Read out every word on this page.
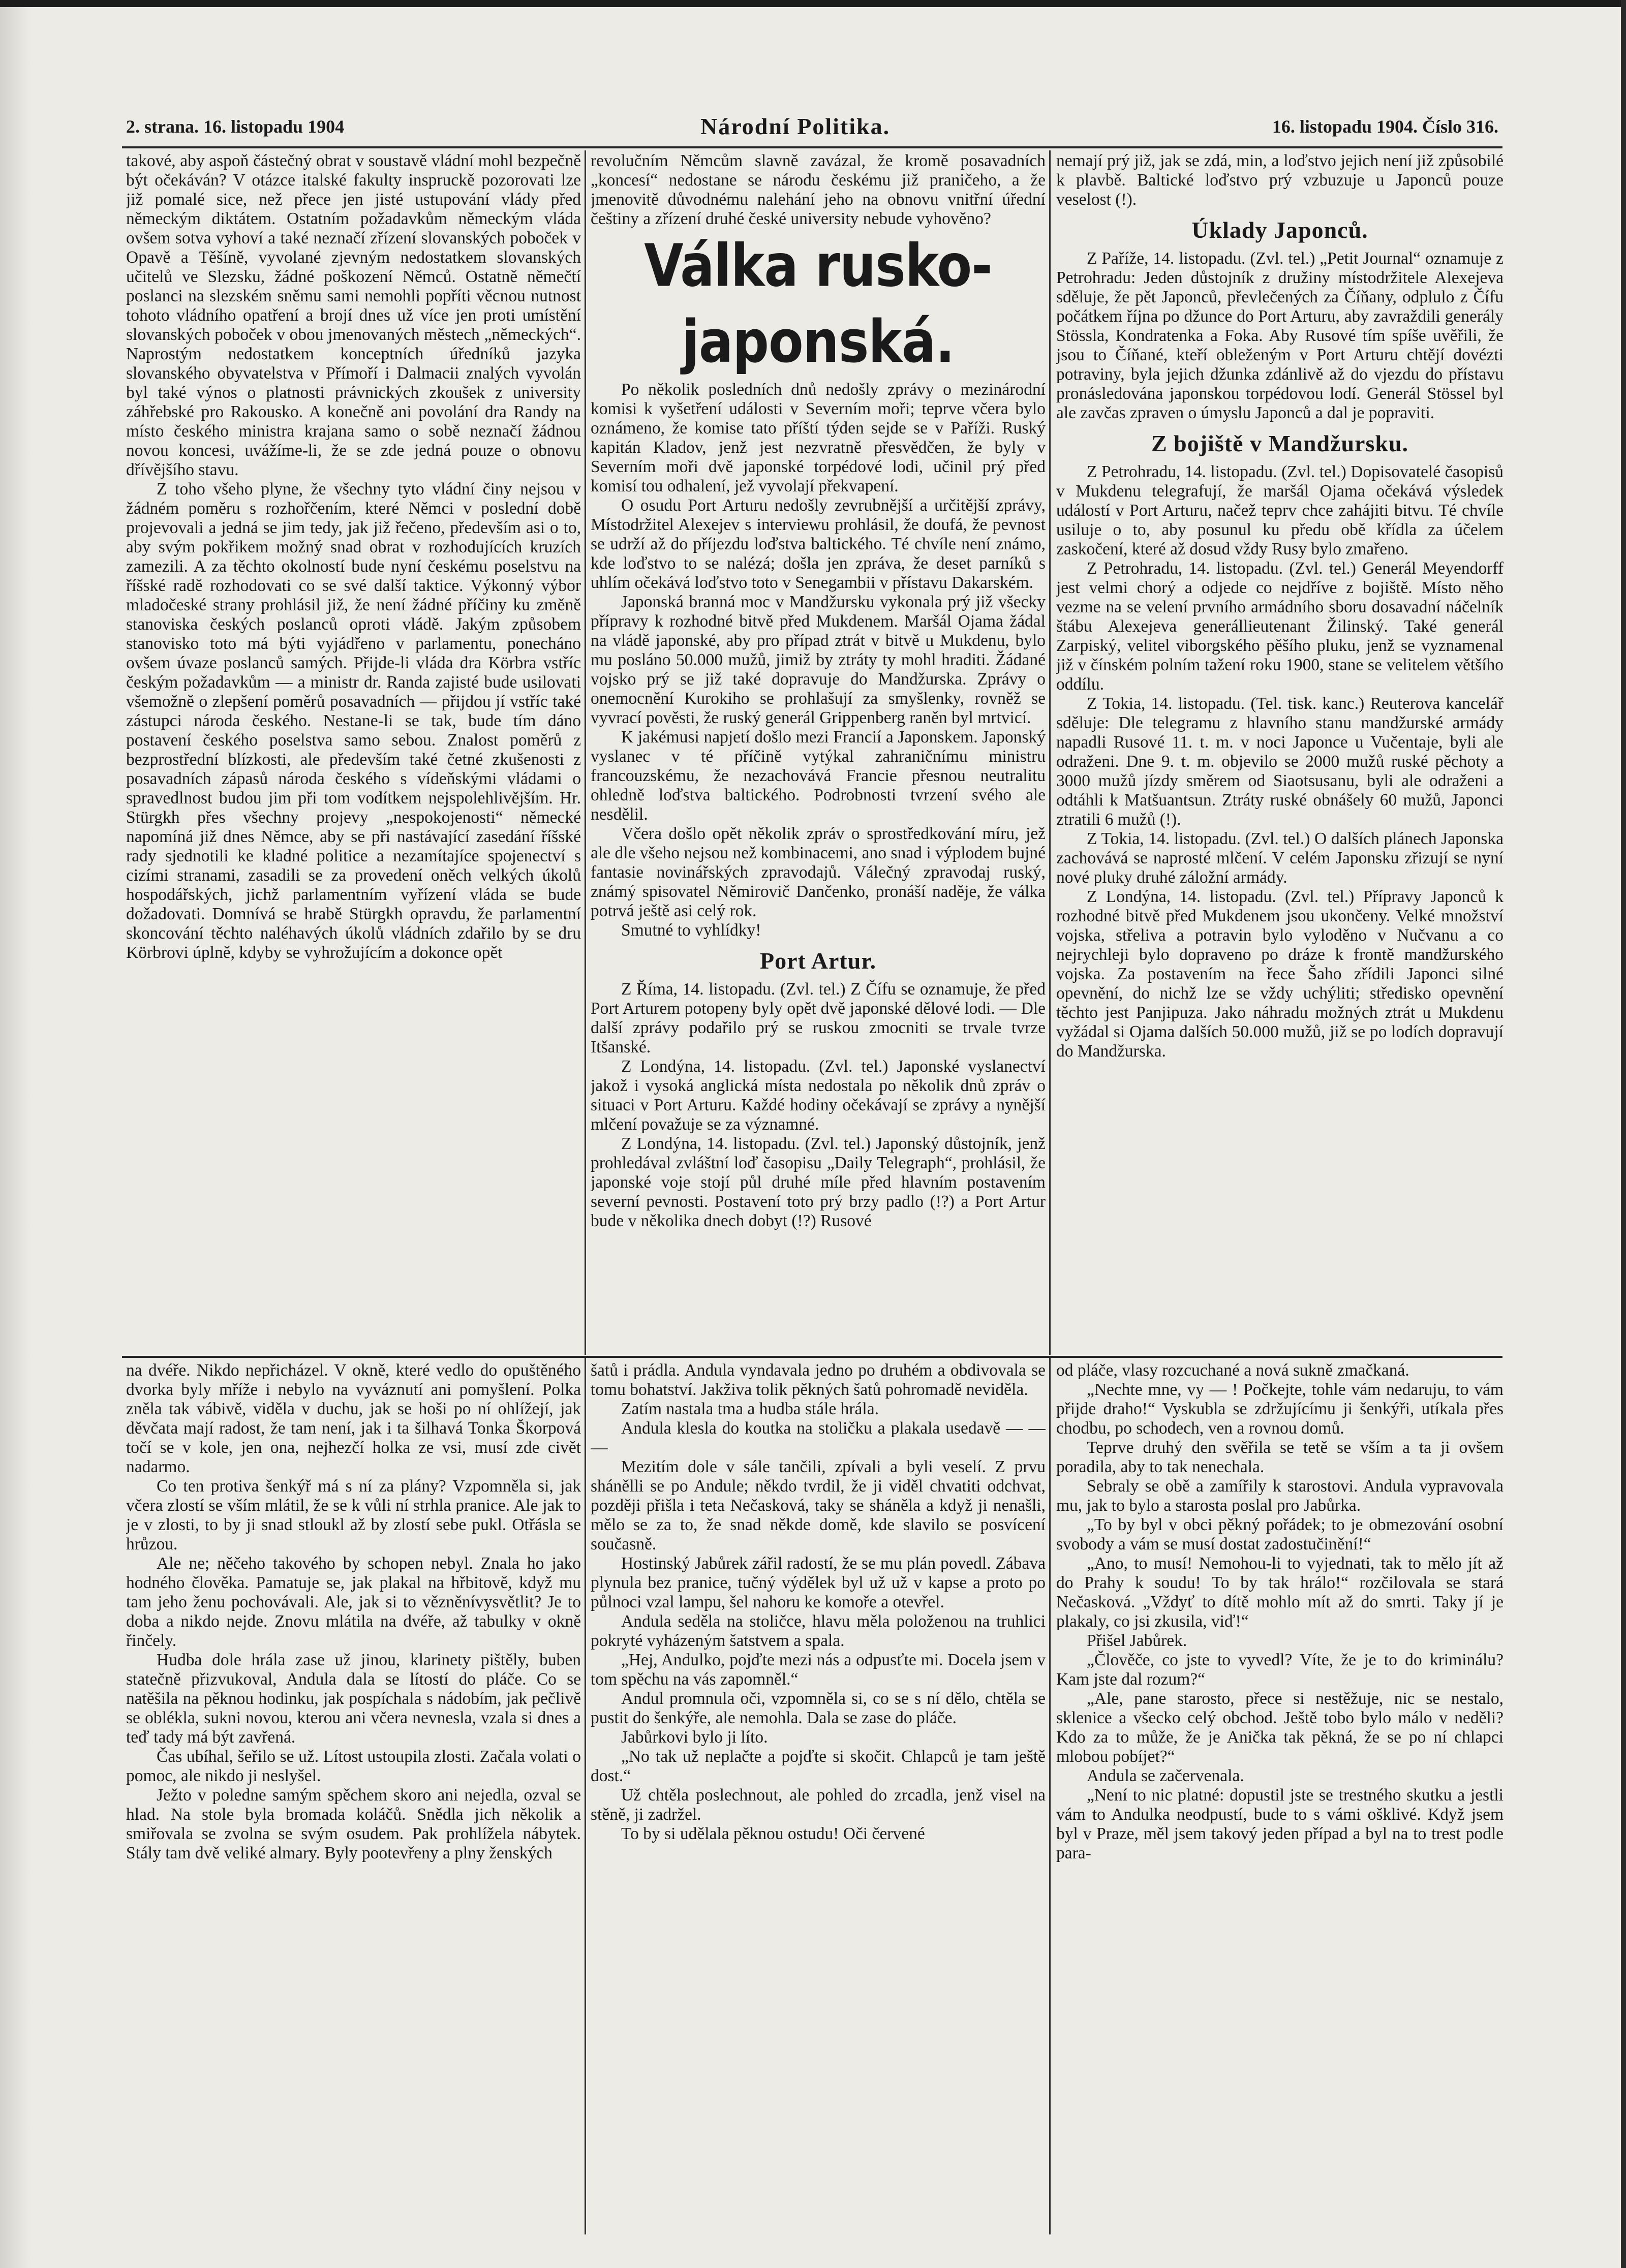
2. strana. 16. listopadu 1904	Národní Politika.	16. listopadu 1904. Číslo 316.

takové, aby aspoň částečný obrat v soustavě vládní mohl bezpečně být očekáván? V otázce italské fakulty inspruckě pozorovati lze již pomalé sice, než přece jen jisté ustupování vlády před německým diktátem. Ostatním požadavkům německým vláda ovšem sotva vyhoví a také neznačí zřízení slovanských poboček v Opavě a Těšíně, vyvolané zjevným nedostatkem slovanských učitelů ve Slezsku, žádné poškození Němců. Ostatně němečtí poslanci na slezském sněmu sami nemohli popříti věcnou nutnost tohoto vládního opatření a brojí dnes už více jen proti umístění slovanských poboček v obou jmenovaných městech „německých“. Naprostým nedostatkem konceptních úředníků jazyka slovanského obyvatelstva v Přímoří i Dalmacii znalých vyvolán byl také výnos o platnosti právnických zkoušek z university záhřebské pro Rakousko. A konečně ani povolání dra Randy na místo českého ministra krajana samo o sobě neznačí žádnou novou koncesi, uvážíme-li, že se zde jedná pouze o obnovu dřívějšího stavu.

Z toho všeho plyne, že všechny tyto vládní činy nejsou v žádném poměru s rozhořčením, které Němci v poslední době projevovali a jedná se jim tedy, jak již řečeno, především asi o to, aby svým pokřikem možný snad obrat v rozhodujících kruzích zamezili. A za těchto okolností bude nyní českému poselstvu na říšské radě rozhodovati co se své další taktice. Výkonný výbor mladočeské strany prohlásil již, že není žádné příčiny ku změně stanoviska českých poslanců oproti vládě. Jakým způsobem stanovisko toto má býti vyjádřeno v parlamentu, ponecháno ovšem úvaze poslanců samých. Přijde-li vláda dra Körbra vstříc českým požadavkům — a ministr dr. Randa zajisté bude usilovati všemožně o zlepšení poměrů posavadních — přijdou jí vstříc také zástupci národa českého. Nestane-li se tak, bude tím dáno postavení českého poselstva samo sebou. Znalost poměrů z bezprostřední blízkosti, ale především také četné zkušenosti z posavadních zápasů národa českého s vídeňskými vládami o spravedlnost budou jim při tom vodítkem nejspolehlivějším. Hr. Stürgkh přes všechny projevy „nespokojenosti“ německé napomíná již dnes Němce, aby se při nastávající zasedání říšské rady sjednotili ke kladné politice a nezamítajíce spojenectví s cizími stranami, zasadili se za provedení oněch velkých úkolů hospodářských, jichž parlamentním vyřízení vláda se bude dožadovati. Domnívá se hrabě Stürgkh opravdu, že parlamentní skoncování těchto naléhavých úkolů vládních zdařilo by se dru Körbrovi úplně, kdyby se vyhrožujícím a dokonce opět

revolučním Němcům slavně zavázal, že kromě posavadních „koncesí“ nedostane se národu českému již praničeho, a že jmenovitě důvodnému nalehání jeho na obnovu vnitřní úřední češtiny a zřízení druhé české university nebude vyhověno?

Válka rusko-japonská.

Po několik posledních dnů nedošly zprávy o mezinárodní komisi k vyšetření události v Severním moři; teprve včera bylo oznámeno, že komise tato příští týden sejde se v Paříži. Ruský kapitán Kladov, jenž jest nezvratně přesvědčen, že byly v Severním moři dvě japonské torpédové lodi, učinil prý před komisí tou odhalení, jež vyvolají překvapení.

O osudu Port Arturu nedošly zevrubnější a určitější zprávy, Místodržitel Alexejev s interviewu prohlásil, že doufá, že pevnost se udrží až do příjezdu loďstva baltického. Té chvíle není známo, kde loďstvo to se nalézá; došla jen zpráva, že deset parníků s uhlím očekává loďstvo toto v Senegambii v přístavu Dakarském.

Japonská branná moc v Mandžursku vykonala prý již všecky přípravy k rozhodné bitvě před Mukdenem. Maršál Ojama žádal na vládě japonské, aby pro případ ztrát v bitvě u Mukdenu, bylo mu posláno 50.000 mužů, jimiž by ztráty ty mohl hraditi. Žádané vojsko prý se již také dopravuje do Mandžurska. Zprávy o onemocnění Kurokiho se prohlašují za smyšlenky, rovněž se vyvrací pověsti, že ruský generál Grippenberg raněn byl mrtvicí.

K jakémusi napjetí došlo mezi Francií a Japonskem. Japonský vyslanec v té příčině vytýkal zahraničnímu ministru francouzskému, že nezachovává Francie přesnou neutralitu ohledně loďstva baltického. Podrobnosti tvrzení svého ale nesdělil.

Včera došlo opět několik zpráv o sprostředkování míru, jež ale dle všeho nejsou než kombinacemi, ano snad i výplodem bujné fantasie novinářských zpravodajů. Válečný zpravodaj ruský, známý spisovatel Němirovič Dančenko, pronáší naděje, že válka potrvá ještě asi celý rok.

Smutné to vyhlídky!

Port Artur.

Z Říma, 14. listopadu. (Zvl. tel.) Z Čífu se oznamuje, že před Port Arturem potopeny byly opět dvě japonské dělové lodi. — Dle další zprávy podařilo prý se ruskou zmocniti se trvale tvrze Itšanské.

Z Londýna, 14. listopadu. (Zvl. tel.) Japonské vyslanectví jakož i vysoká anglická místa nedostala po několik dnů zpráv o situaci v Port Arturu. Každé hodiny očekávají se zprávy a nynější mlčení považuje se za významné.

Z Londýna, 14. listopadu. (Zvl. tel.) Japonský důstojník, jenž prohledával zvláštní loď časopisu „Daily Telegraph“, prohlásil, že japonské voje stojí půl druhé míle před hlavním postavením severní pevnosti. Postavení toto prý brzy padlo (!?) a Port Artur bude v několika dnech dobyt (!?) Rusové

nemají prý již, jak se zdá, min, a loďstvo jejich není již způsobilé k plavbě. Baltické loďstvo prý vzbuzuje u Japonců pouze veselost (!).

Úklady Japonců.

Z Paříže, 14. listopadu. (Zvl. tel.) „Petit Journal“ oznamuje z Petrohradu: Jeden důstojník z družiny místodržitele Alexejeva sděluje, že pět Japonců, převlečených za Číňany, odplulo z Čífu počátkem října po džunce do Port Arturu, aby zavraždili generály Stössla, Kondratenka a Foka. Aby Rusové tím spíše uvěřili, že jsou to Číňané, kteří obleženým v Port Arturu chtějí dovézti potraviny, byla jejich džunka zdánlivě až do vjezdu do přístavu pronásledována japonskou torpédovou lodí. Generál Stössel byl ale zavčas zpraven o úmyslu Japonců a dal je popraviti.

Z bojiště v Mandžursku.

Z Petrohradu, 14. listopadu. (Zvl. tel.) Dopisovatelé časopisů v Mukdenu telegrafují, že maršál Ojama očekává výsledek událostí v Port Arturu, načež teprv chce zahájiti bitvu. Té chvíle usiluje o to, aby posunul ku předu obě křídla za účelem zaskočení, které až dosud vždy Rusy bylo zmařeno.

Z Petrohradu, 14. listopadu. (Zvl. tel.) Generál Meyendorff jest velmi chorý a odjede co nejdříve z bojiště. Místo něho vezme na se velení prvního armádního sboru dosavadní náčelník štábu Alexejeva generállieutenant Žilinský. Také generál Zarpiský, velitel viborgského pěšího pluku, jenž se vyznamenal již v čínském polním tažení roku 1900, stane se velitelem většího oddílu.

Z Tokia, 14. listopadu. (Tel. tisk. kanc.) Reuterova kancelář sděluje: Dle telegramu z hlavního stanu mandžurské armády napadli Rusové 11. t. m. v noci Japonce u Vučentaje, byli ale odraženi. Dne 9. t. m. objevilo se 2000 mužů ruské pěchoty a 3000 mužů jízdy směrem od Siaotsusanu, byli ale odraženi a odtáhli k Matšuantsun. Ztráty ruské obnášely 60 mužů, Japonci ztratili 6 mužů (!).

Z Tokia, 14. listopadu. (Zvl. tel.) O dalších plánech Japonska zachovává se naprosté mlčení. V celém Japonsku zřizují se nyní nové pluky druhé záložní armády.

Z Londýna, 14. listopadu. (Zvl. tel.) Přípravy Japonců k rozhodné bitvě před Mukdenem jsou ukončeny. Velké množství vojska, střeliva a potravin bylo vyloděno v Nučvanu a co nejrychleji bylo dopraveno po dráze k frontě mandžurského vojska. Za postavením na řece Šaho zřídili Japonci silné opevnění, do nichž lze se vždy uchýliti; středisko opevnění těchto jest Panjipuza. Jako náhradu možných ztrát u Mukdenu vyžádal si Ojama dalších 50.000 mužů, již se po lodích dopravují do Mandžurska.

na dvéře. Nikdo nepřicházel. V okně, které vedlo do opuštěného dvorka byly mříže i nebylo na vyváznutí ani pomyšlení. Polka zněla tak vábivě, viděla v duchu, jak se hoši po ní ohlížejí, jak děvčata mají radost, že tam není, jak i ta šilhavá Tonka Škorpová točí se v kole, jen ona, nejhezčí holka ze vsi, musí zde civět nadarmo.

Co ten protiva šenkýř má s ní za plány? Vzpomněla si, jak včera zlostí se vším mlátil, že se k vůli ní strhla pranice. Ale jak to je v zlosti, to by ji snad stloukl až by zlostí sebe pukl. Otřásla se hrůzou.

Ale ne; něčeho takového by schopen nebyl. Znala ho jako hodného člověka. Pamatuje se, jak plakal na hřbitově, když mu tam jeho ženu pochovávali. Ale, jak si to vězněnívysvětlit? Je to doba a nikdo nejde. Znovu mlátila na dvéře, až tabulky v okně řinčely.

Hudba dole hrála zase už jinou, klarinety pištěly, buben statečně přizvukoval, Andula dala se lítostí do pláče. Co se natěšila na pěknou hodinku, jak pospíchala s nádobím, jak pečlivě se oblékla, sukni novou, kterou ani včera nevnesla, vzala si dnes a teď tady má být zavřená.

Čas ubíhal, šeřilo se už. Lítost ustoupila zlosti. Začala volati o pomoc, ale nikdo ji neslyšel.

Ježto v poledne samým spěchem skoro ani nejedla, ozval se hlad. Na stole byla bromada koláčů. Snědla jich několik a smiřovala se zvolna se svým osudem. Pak prohlížela nábytek. Stály tam dvě veliké almary. Byly pootevřeny a plny ženských

šatů i prádla. Andula vyndavala jedno po druhém a obdivovala se tomu bohatství. Jakživa tolik pěkných šatů pohromadě neviděla.

Zatím nastala tma a hudba stále hrála.

Andula klesla do koutka na stoličku a plakala usedavě — — —

Mezitím dole v sále tančili, zpívali a byli veselí. Z prvu shánělli se po Andule; někdo tvrdil, že ji viděl chvatiti odchvat, později přišla i teta Nečasková, taky se sháněla a když ji nenašli, mělo se za to, že snad někde domě, kde slavilo se posvícení současně.

Hostinský Jabůrek zářil radostí, že se mu plán povedl. Zábava plynula bez pranice, tučný výdělek byl už už v kapse a proto po půlnoci vzal lampu, šel nahoru ke komoře a otevřel.

Andula seděla na stoličce, hlavu měla položenou na truhlici pokryté vyházeným šatstvem a spala.

„Hej, Andulko, pojďte mezi nás a odpusťte mi. Docela jsem v tom spěchu na vás zapomněl.“

Andul promnula oči, vzpomněla si, co se s ní dělo, chtěla se pustit do šenkýře, ale nemohla. Dala se zase do pláče.

Jabůrkovi bylo ji líto.

„No tak už neplačte a pojďte si skočit. Chlapců je tam ještě dost.“

Už chtěla poslechnout, ale pohled do zrcadla, jenž visel na stěně, ji zadržel.

To by si udělala pěknou ostudu! Oči červené

od pláče, vlasy rozcuchané a nová sukně zmačkaná.

„Nechte mne, vy — ! Počkejte, tohle vám nedaruju, to vám přijde draho!“ Vyskubla se zdržujícímu ji šenkýři, utíkala přes chodbu, po schodech, ven a rovnou domů.

Teprve druhý den svěřila se tetě se vším a ta ji ovšem poradila, aby to tak nenechala.

Sebraly se obě a zamířily k starostovi. Andula vypravovala mu, jak to bylo a starosta poslal pro Jabůrka.

„To by byl v obci pěkný pořádek; to je obmezování osobní svobody a vám se musí dostat zadostučinění!“

„Ano, to musí! Nemohou-li to vyjednati, tak to mělo jít až do Prahy k soudu! To by tak hrálo!“ rozčilovala se stará Nečasková. „Vždyť to dítě mohlo mít až do smrti. Taky jí je plakaly, co jsi zkusila, viď!“

Přišel Jabůrek.

„Člověče, co jste to vyvedl? Víte, že je to do kriminálu? Kam jste dal rozum?“

„Ale, pane starosto, přece si nestěžuje, nic se nestalo, sklenice a všecko celý obchod. Ještě tobo bylo málo v neděli? Kdo za to může, že je Anička tak pěkná, že se po ní chlapci mlobou pobíjet?“

Andula se začervenala.

„Není to nic platné: dopustil jste se trestného skutku a jestli vám to Andulka neodpustí, bude to s vámi ošklivé. Když jsem byl v Praze, měl jsem takový jeden případ a byl na to trest podle para-
